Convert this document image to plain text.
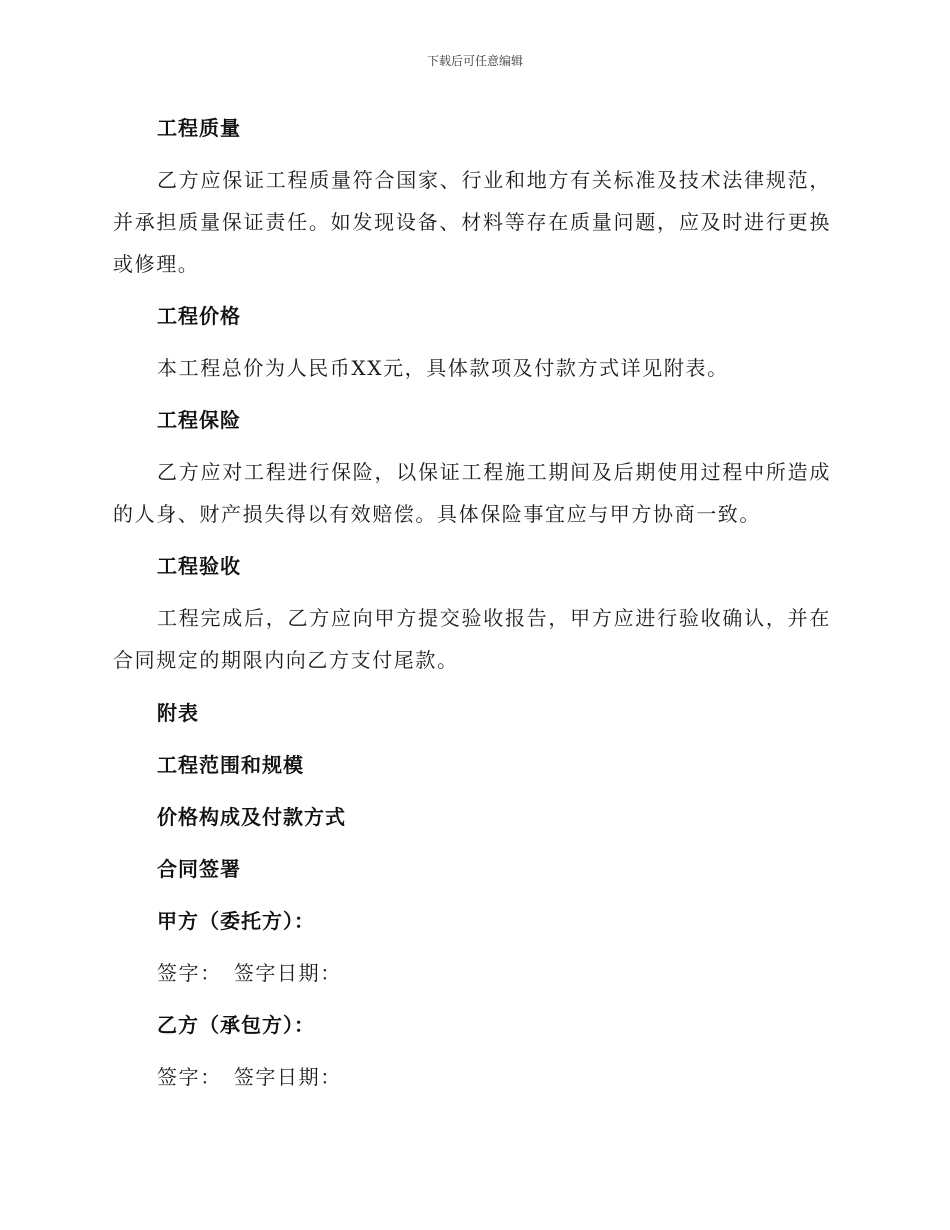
下载后可任意编辑
工程质量

乙方应保证工程质量符合国家、行业和地方有关标准及技术法律规范，并承担质量保证责任。如发现设备、材料等存在质量问题，应及时进行更换或修理。

工程价格

本工程总价为人民币XX元，具体款项及付款方式详见附表。

工程保险

乙方应对工程进行保险，以保证工程施工期间及后期使用过程中所造成的人身、财产损失得以有效赔偿。具体保险事宜应与甲方协商一致。

工程验收

工程完成后，乙方应向甲方提交验收报告，甲方应进行验收确认，并在合同规定的期限内向乙方支付尾款。

附表
工程范围和规模
价格构成及付款方式
合同签署
甲方（委托方）：

签字： 签字日期：

乙方（承包方）：

签字： 签字日期：
